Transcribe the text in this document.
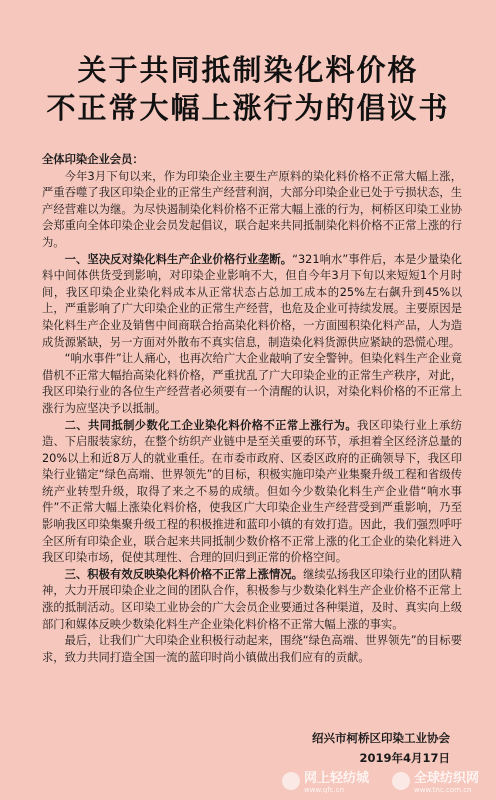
关于共同抵制染化料价格
不正常大幅上涨行为的倡议书

全体印染企业会员：

今年3月下旬以来，作为印染企业主要生产原料的染化料价格不正常大幅上涨，严重吞噬了我区印染企业的正常生产经营利润，大部分印染企业已处于亏损状态，生产经营难以为继。为尽快遏制染化料价格不正常大幅上涨的行为，柯桥区印染工业协会郑重向全体印染企业会员发起倡议，联合起来共同抵制染化料价格不正常上涨的行为。

一、坚决反对染化料生产企业价格行业垄断。“321响水”事件后，本是少量染化料中间体供货受到影响，对印染企业影响不大，但自今年3月下旬以来短短1个月时间，我区印染企业染化料成本从正常状态占总加工成本的25%左右飙升到45%以上，严重影响了广大印染企业的正常生产经营，也危及企业可持续发展。主要原因是染化料生产企业及销售中间商联合抬高染化料价格，一方面囤积染化料产品，人为造成货源紧缺，另一方面对外散布不真实信息，制造染化料货源供应紧缺的恐慌心理。

“响水事件”让人痛心，也再次给广大企业敲响了安全警钟。但染化料生产企业竟借机不正常大幅抬高染化料价格，严重扰乱了广大印染企业的正常生产秩序，对此，我区印染行业的各位生产经营者必须要有一个清醒的认识，对染化料价格的不正常上涨行为应坚决予以抵制。

二、共同抵制少数化工企业染化料价格不正常上涨行为。我区印染行业上承纺造、下启服装家纺，在整个纺织产业链中是至关重要的环节，承担着全区经济总量的20%以上和近8万人的就业重任。在市委市政府、区委区政府的正确领导下，我区印染行业锚定“绿色高端、世界领先”的目标，积极实施印染产业集聚升级工程和省级传统产业转型升级，取得了来之不易的成绩。但如今少数染化料生产企业借“响水事件”不正常大幅上涨染化料价格，使我区广大印染企业生产经营受到严重影响，乃至影响我区印染集聚升级工程的积极推进和蓝印小镇的有效打造。因此，我们强烈呼吁全区所有印染企业，联合起来共同抵制少数价格不正常上涨的化工企业的染化料进入我区印染市场，促使其理性、合理的回归到正常的价格空间。

三、积极有效反映染化料价格不正常上涨情况。继续弘扬我区印染行业的团队精神，大力开展印染企业之间的团队合作，积极参与少数染化料生产企业价格不正常上涨的抵制活动。区印染工业协会的广大会员企业要通过各种渠道，及时、真实向上级部门和媒体反映少数染化料生产企业染化料价格不正常大幅上涨的事实。

最后，让我们广大印染企业积极行动起来，围绕“绿色高端、世界领先”的目标要求，致力共同打造全国一流的蓝印时尚小镇做出我们应有的贡献。

绍兴市柯桥区印染工业协会
2019年4月17日
网上轻纺城
www.qfc.cn
全球纺织网
www.tnc.com.cn
